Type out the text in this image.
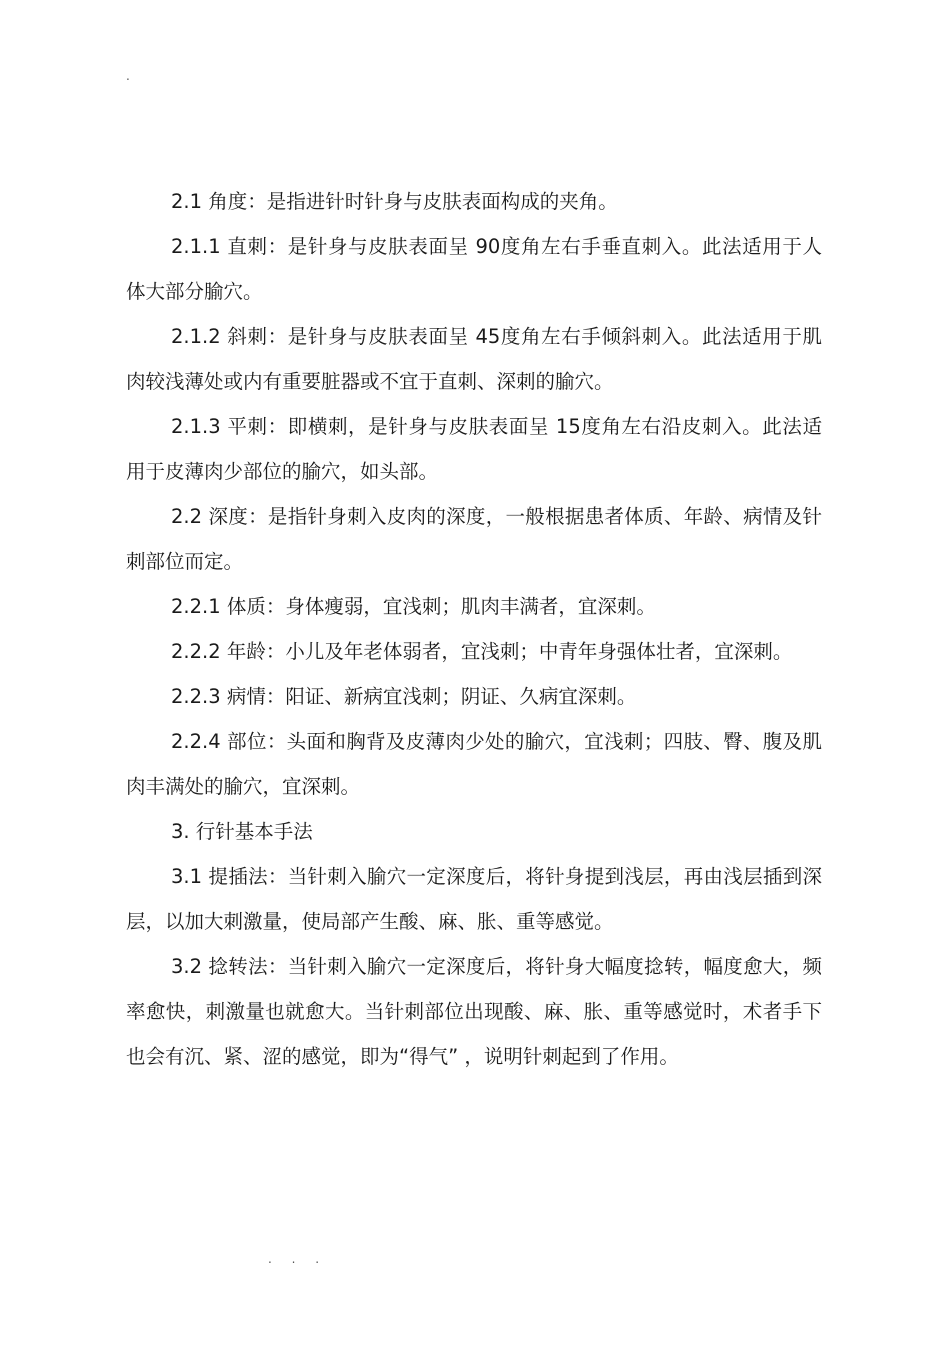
.

2.1 角度：是指进针时针身与皮肤表面构成的夹角。

2.1.1 直刺：是针身与皮肤表面呈 90度角左右手垂直刺入。此法适用于人体大部分腧穴。

2.1.2 斜刺：是针身与皮肤表面呈 45度角左右手倾斜刺入。此法适用于肌肉较浅薄处或内有重要脏器或不宜于直刺、深刺的腧穴。

2.1.3 平刺：即横刺，是针身与皮肤表面呈 15度角左右沿皮刺入。此法适用于皮薄肉少部位的腧穴，如头部。

2.2 深度：是指针身刺入皮肉的深度，一般根据患者体质、年龄、病情及针刺部位而定。

2.2.1 体质：身体瘦弱，宜浅刺；肌肉丰满者，宜深刺。

2.2.2 年龄：小儿及年老体弱者，宜浅刺；中青年身强体壮者，宜深刺。

2.2.3 病情：阳证、新病宜浅刺；阴证、久病宜深刺。

2.2.4 部位：头面和胸背及皮薄肉少处的腧穴，宜浅刺；四肢、臀、腹及肌肉丰满处的腧穴，宜深刺。

3. 行针基本手法

3.1 提插法：当针刺入腧穴一定深度后，将针身提到浅层，再由浅层插到深层，以加大刺激量，使局部产生酸、麻、胀、重等感觉。

3.2 捻转法：当针刺入腧穴一定深度后，将针身大幅度捻转，幅度愈大，频率愈快，刺激量也就愈大。当针刺部位出现酸、麻、胀、重等感觉时，术者手下也会有沉、紧、涩的感觉，即为“得气” ，说明针刺起到了作用。

. . .
